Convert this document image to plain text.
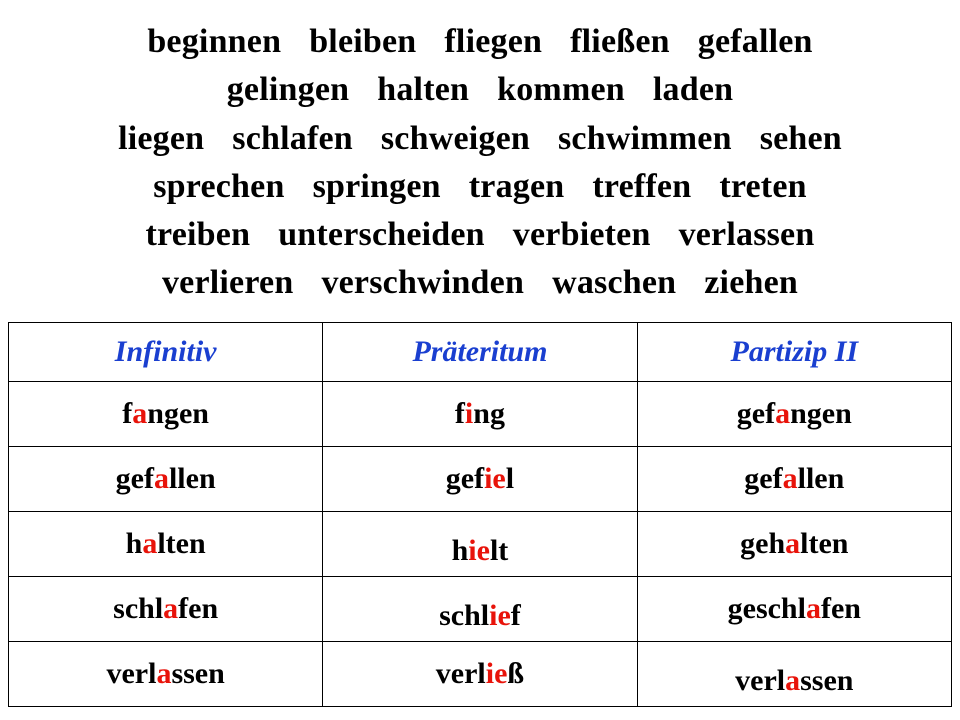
beginnen bleiben fliegen fließen gefallen
gelingen halten kommen laden
liegen schlafen schweigen schwimmen sehen
sprechen springen tragen treffen treten
treiben unterscheiden verbieten verlassen
verlieren verschwinden waschen ziehen
Infinitiv	Präteritum	Partizip II
fangen	fing	gefangen
gefallen	gefiel	gefallen
halten	hielt	gehalten
schlafen	schlief	geschlafen
verlassen	verließ	verlassen
